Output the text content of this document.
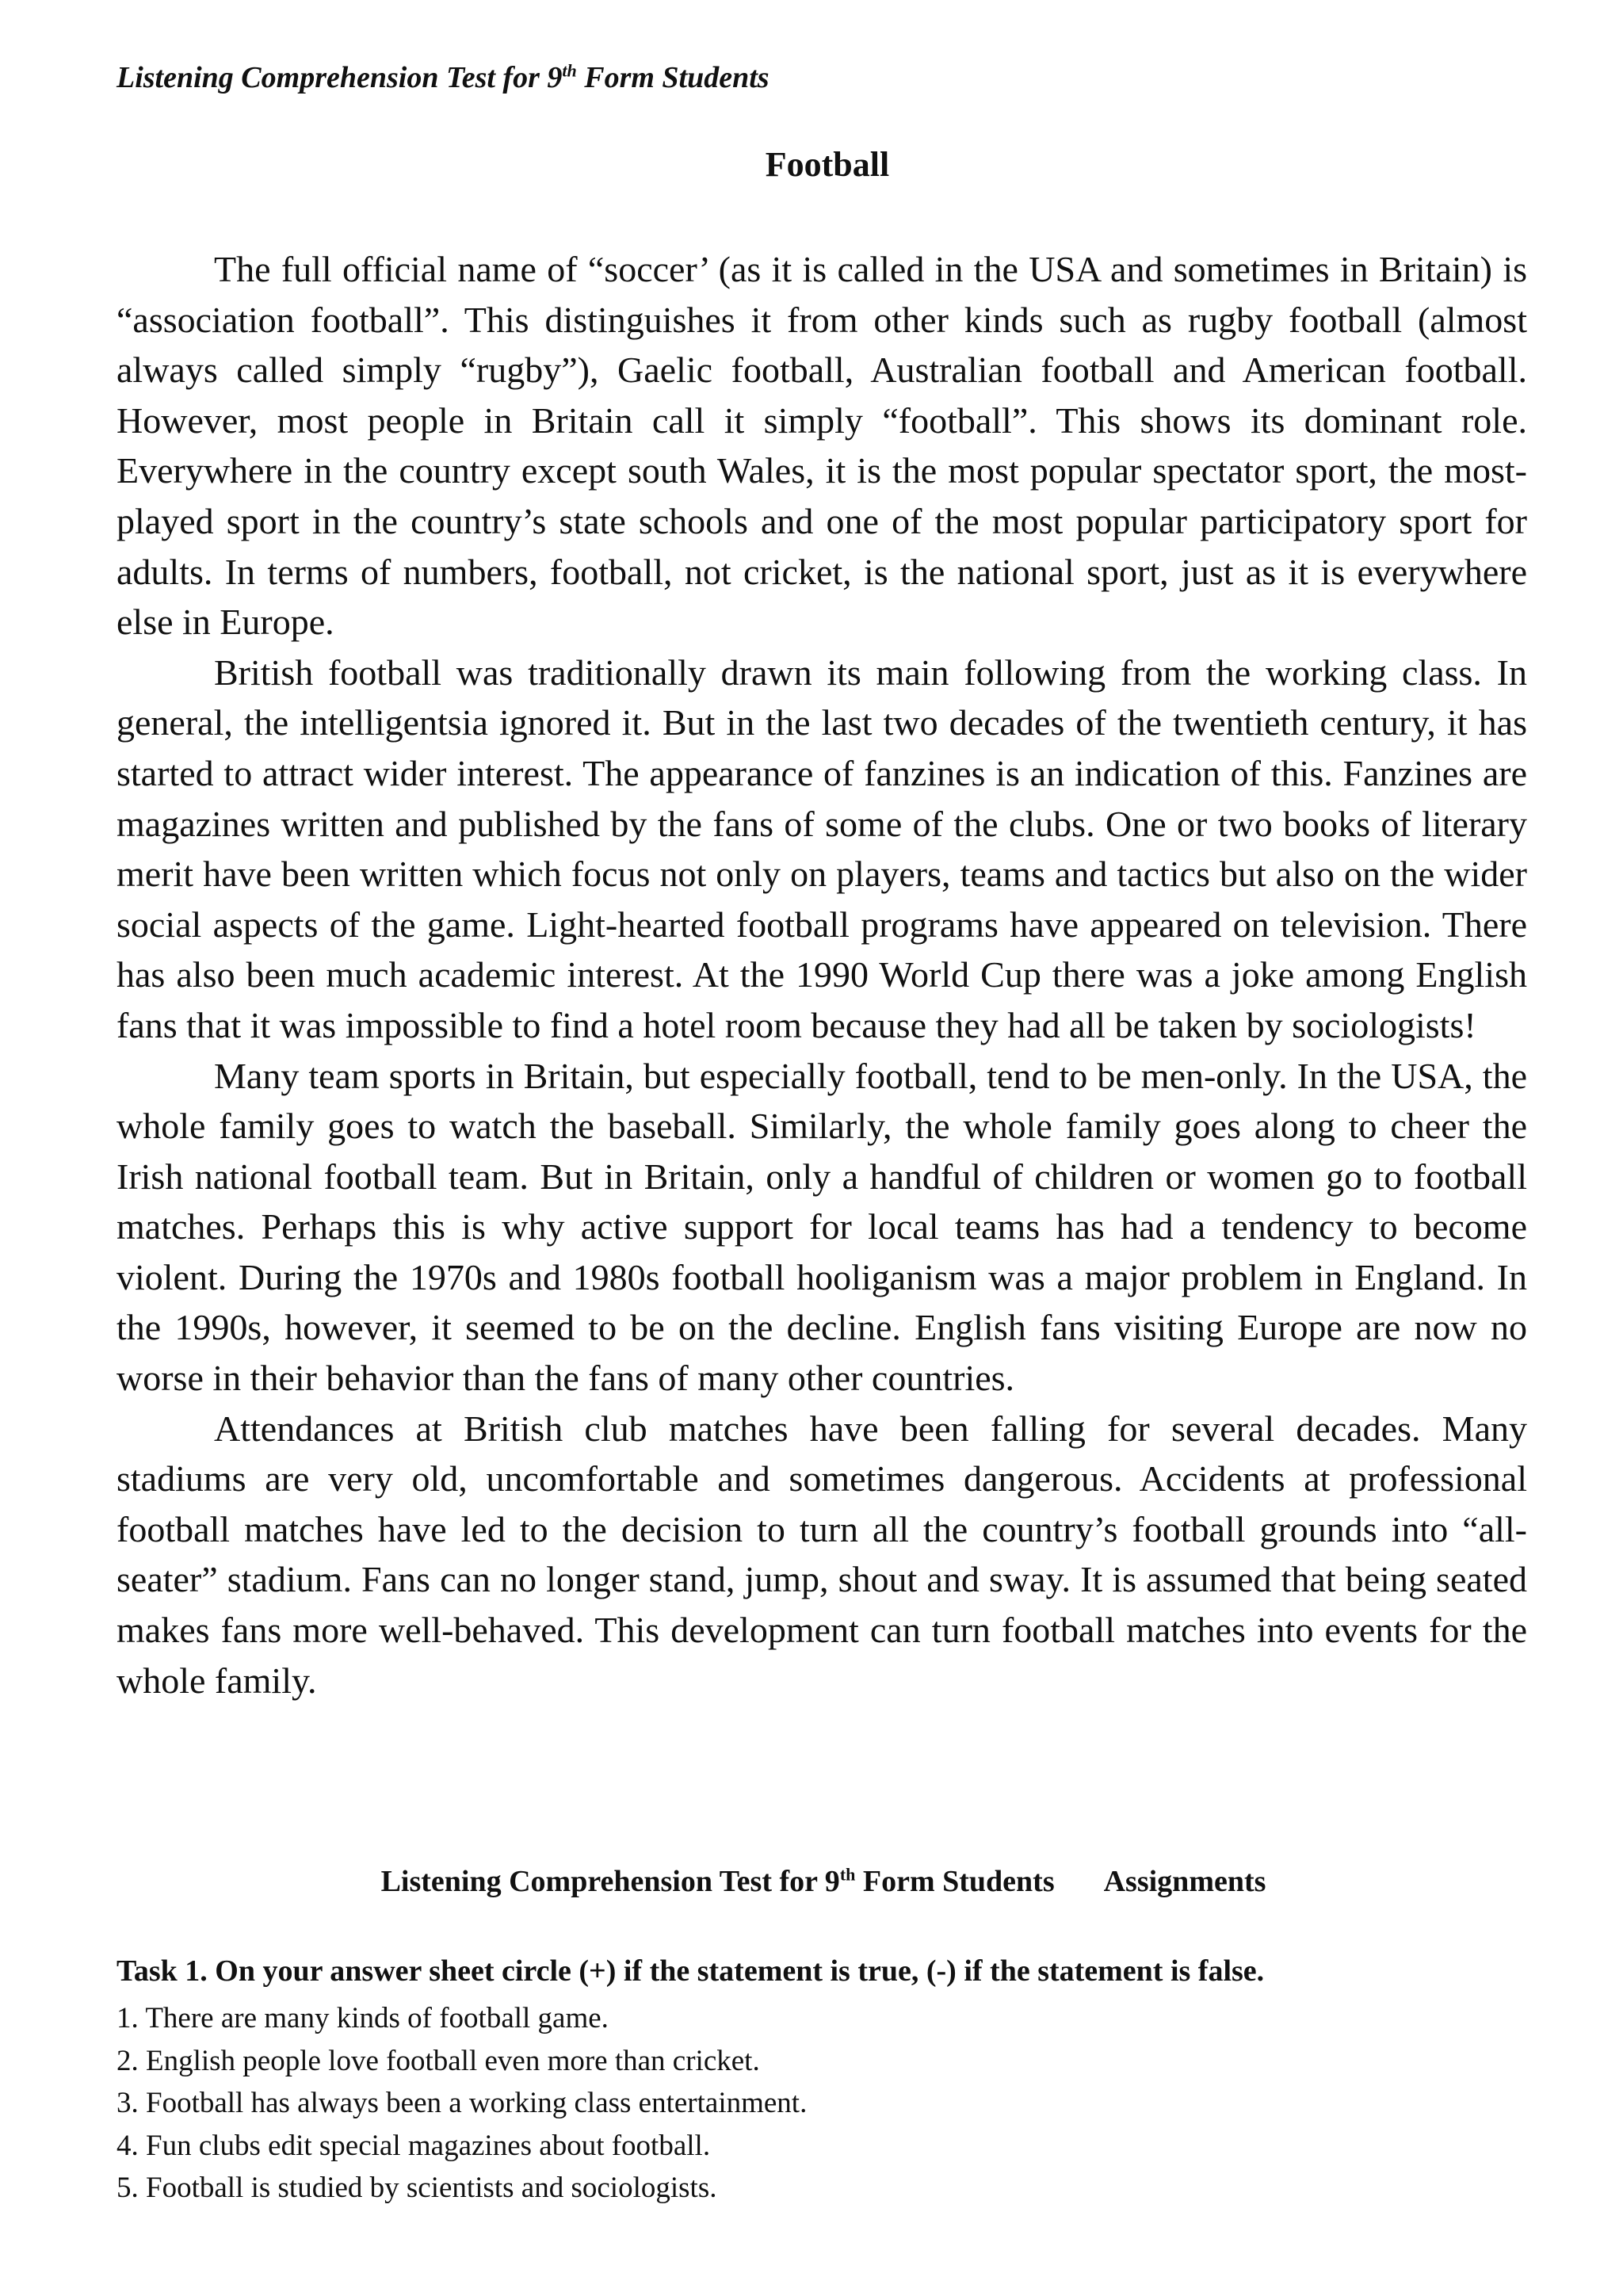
Listening Comprehension Test for 9th Form Students
Football

The full official name of “soccer’ (as it is called in the USA and sometimes in Britain) is “association football”. This distinguishes it from other kinds such as rugby football (almost always called simply “rugby”), Gaelic football, Australian football and American football. However, most people in Britain call it simply “football”. This shows its dominant role. Everywhere in the country except south Wales, it is the most popular spectator sport, the most-played sport in the country’s state schools and one of the most popular participatory sport for adults. In terms of numbers, football, not cricket, is the national sport, just as it is everywhere else in Europe.

British football was traditionally drawn its main following from the working class. In general, the intelligentsia ignored it. But in the last two decades of the twentieth century, it has started to attract wider interest. The appearance of fanzines is an indication of this. Fanzines are magazines written and published by the fans of some of the clubs. One or two books of literary merit have been written which focus not only on players, teams and tactics but also on the wider social aspects of the game. Light-hearted football programs have appeared on television. There has also been much academic interest. At the 1990 World Cup there was a joke among English fans that it was impossible to find a hotel room because they had all be taken by sociologists!

Many team sports in Britain, but especially football, tend to be men-only. In the USA, the whole family goes to watch the baseball. Similarly, the whole family goes along to cheer the Irish national football team. But in Britain, only a handful of children or women go to football matches. Perhaps this is why active support for local teams has had a tendency to become violent. During the 1970s and 1980s football hooliganism was a major problem in England. In the 1990s, however, it seemed to be on the decline. English fans visiting Europe are now no worse in their behavior than the fans of many other countries.

Attendances at British club matches have been falling for several decades. Many stadiums are very old, uncomfortable and sometimes dangerous. Accidents at professional football matches have led to the decision to turn all the country’s football grounds into “all-seater” stadium. Fans can no longer stand, jump, shout and sway. It is assumed that being seated makes fans more well-behaved. This development can turn football matches into events for the whole family.

Listening Comprehension Test for 9th Form Students Assignments
Task 1. On your answer sheet circle (+) if the statement is true, (-) if the statement is false.
1. There are many kinds of football game.
2. English people love football even more than cricket.
3. Football has always been a working class entertainment.
4. Fun clubs edit special magazines about football.
5. Football is studied by scientists and sociologists.
